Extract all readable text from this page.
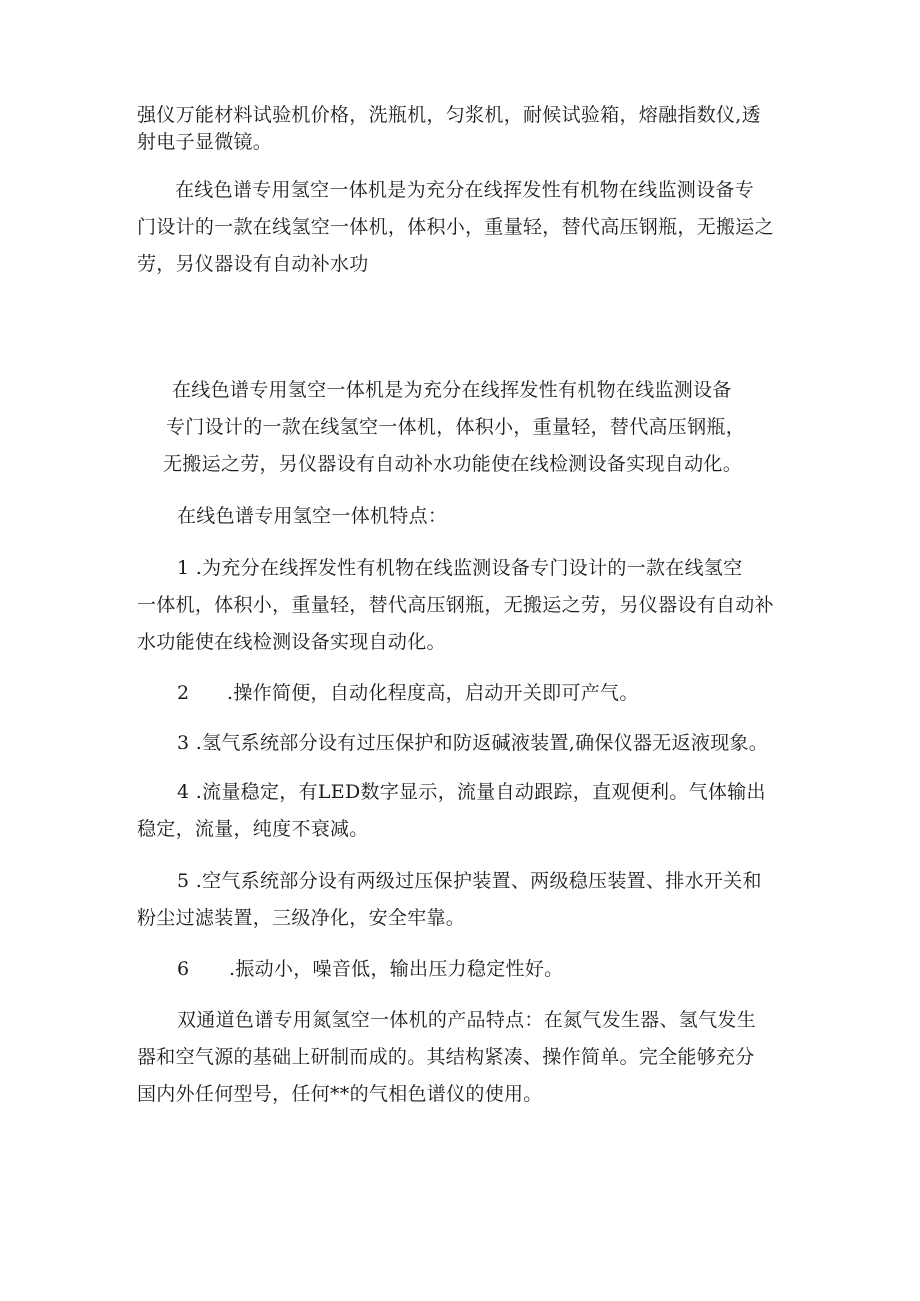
强仪万能材料试验机价格，洗瓶机，匀浆机，耐候试验箱，熔融指数仪,透
射电子显微镜。
在线色谱专用氢空一体机是为充分在线挥发性有机物在线监测设备专
门设计的一款在线氢空一体机，体积小，重量轻，替代高压钢瓶，无搬运之
劳，另仪器设有自动补水功
在线色谱专用氢空一体机是为充分在线挥发性有机物在线监测设备
专门设计的一款在线氢空一体机，体积小，重量轻，替代高压钢瓶，
无搬运之劳，另仪器设有自动补水功能使在线检测设备实现自动化。
在线色谱专用氢空一体机特点：
1 .为充分在线挥发性有机物在线监测设备专门设计的一款在线氢空
一体机，体积小，重量轻，替代高压钢瓶，无搬运之劳，另仪器设有自动补
水功能使在线检测设备实现自动化。
2 .操作简便，自动化程度高，启动开关即可产气。
3 .氢气系统部分设有过压保护和防返碱液装置,确保仪器无返液现象。
4 .流量稳定，有LED数字显示，流量自动跟踪，直观便利。气体输出
稳定，流量，纯度不衰减。
5 .空气系统部分设有两级过压保护装置、两级稳压装置、排水开关和
粉尘过滤装置，三级净化，安全牢靠。
6 .振动小，噪音低，输出压力稳定性好。
双通道色谱专用氮氢空一体机的产品特点：在氮气发生器、氢气发生
器和空气源的基础上研制而成的。其结构紧凑、操作简单。完全能够充分
国内外任何型号，任何**的气相色谱仪的使用。
